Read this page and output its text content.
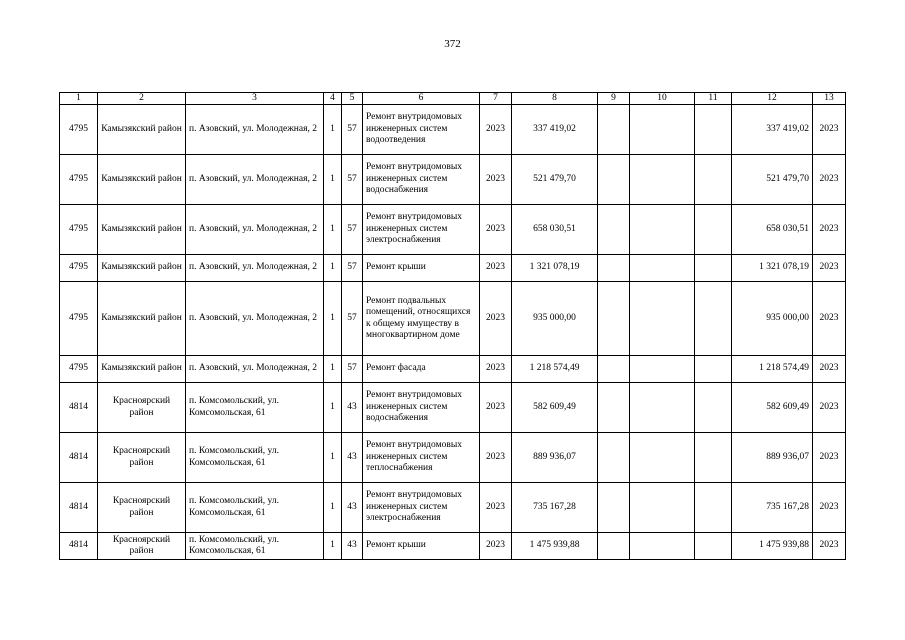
372
1	2	3	4	5	6	7	8	9	10	11	12	13
4795	Камызякский район	п. Азовский, ул. Молодежная, 2	1	57	Ремонт внутридомовых инженерных систем водоотведения	2023	337 419,02				337 419,02	2023
4795	Камызякский район	п. Азовский, ул. Молодежная, 2	1	57	Ремонт внутридомовых инженерных систем водоснабжения	2023	521 479,70				521 479,70	2023
4795	Камызякский район	п. Азовский, ул. Молодежная, 2	1	57	Ремонт внутридомовых инженерных систем электроснабжения	2023	658 030,51				658 030,51	2023
4795	Камызякский район	п. Азовский, ул. Молодежная, 2	1	57	Ремонт крыши	2023	1 321 078,19				1 321 078,19	2023
4795	Камызякский район	п. Азовский, ул. Молодежная, 2	1	57	Ремонт подвальных помещений, относящихся к общему имуществу в многоквартирном доме	2023	935 000,00				935 000,00	2023
4795	Камызякский район	п. Азовский, ул. Молодежная, 2	1	57	Ремонт фасада	2023	1 218 574,49				1 218 574,49	2023
4814	Красноярский район	п. Комсомольский, ул. Комсомольская, 61	1	43	Ремонт внутридомовых инженерных систем водоснабжения	2023	582 609,49				582 609,49	2023
4814	Красноярский район	п. Комсомольский, ул. Комсомольская, 61	1	43	Ремонт внутридомовых инженерных систем теплоснабжения	2023	889 936,07				889 936,07	2023
4814	Красноярский район	п. Комсомольский, ул. Комсомольская, 61	1	43	Ремонт внутридомовых инженерных систем электроснабжения	2023	735 167,28				735 167,28	2023
4814	Красноярский район	п. Комсомольский, ул. Комсомольская, 61	1	43	Ремонт крыши	2023	1 475 939,88				1 475 939,88	2023
